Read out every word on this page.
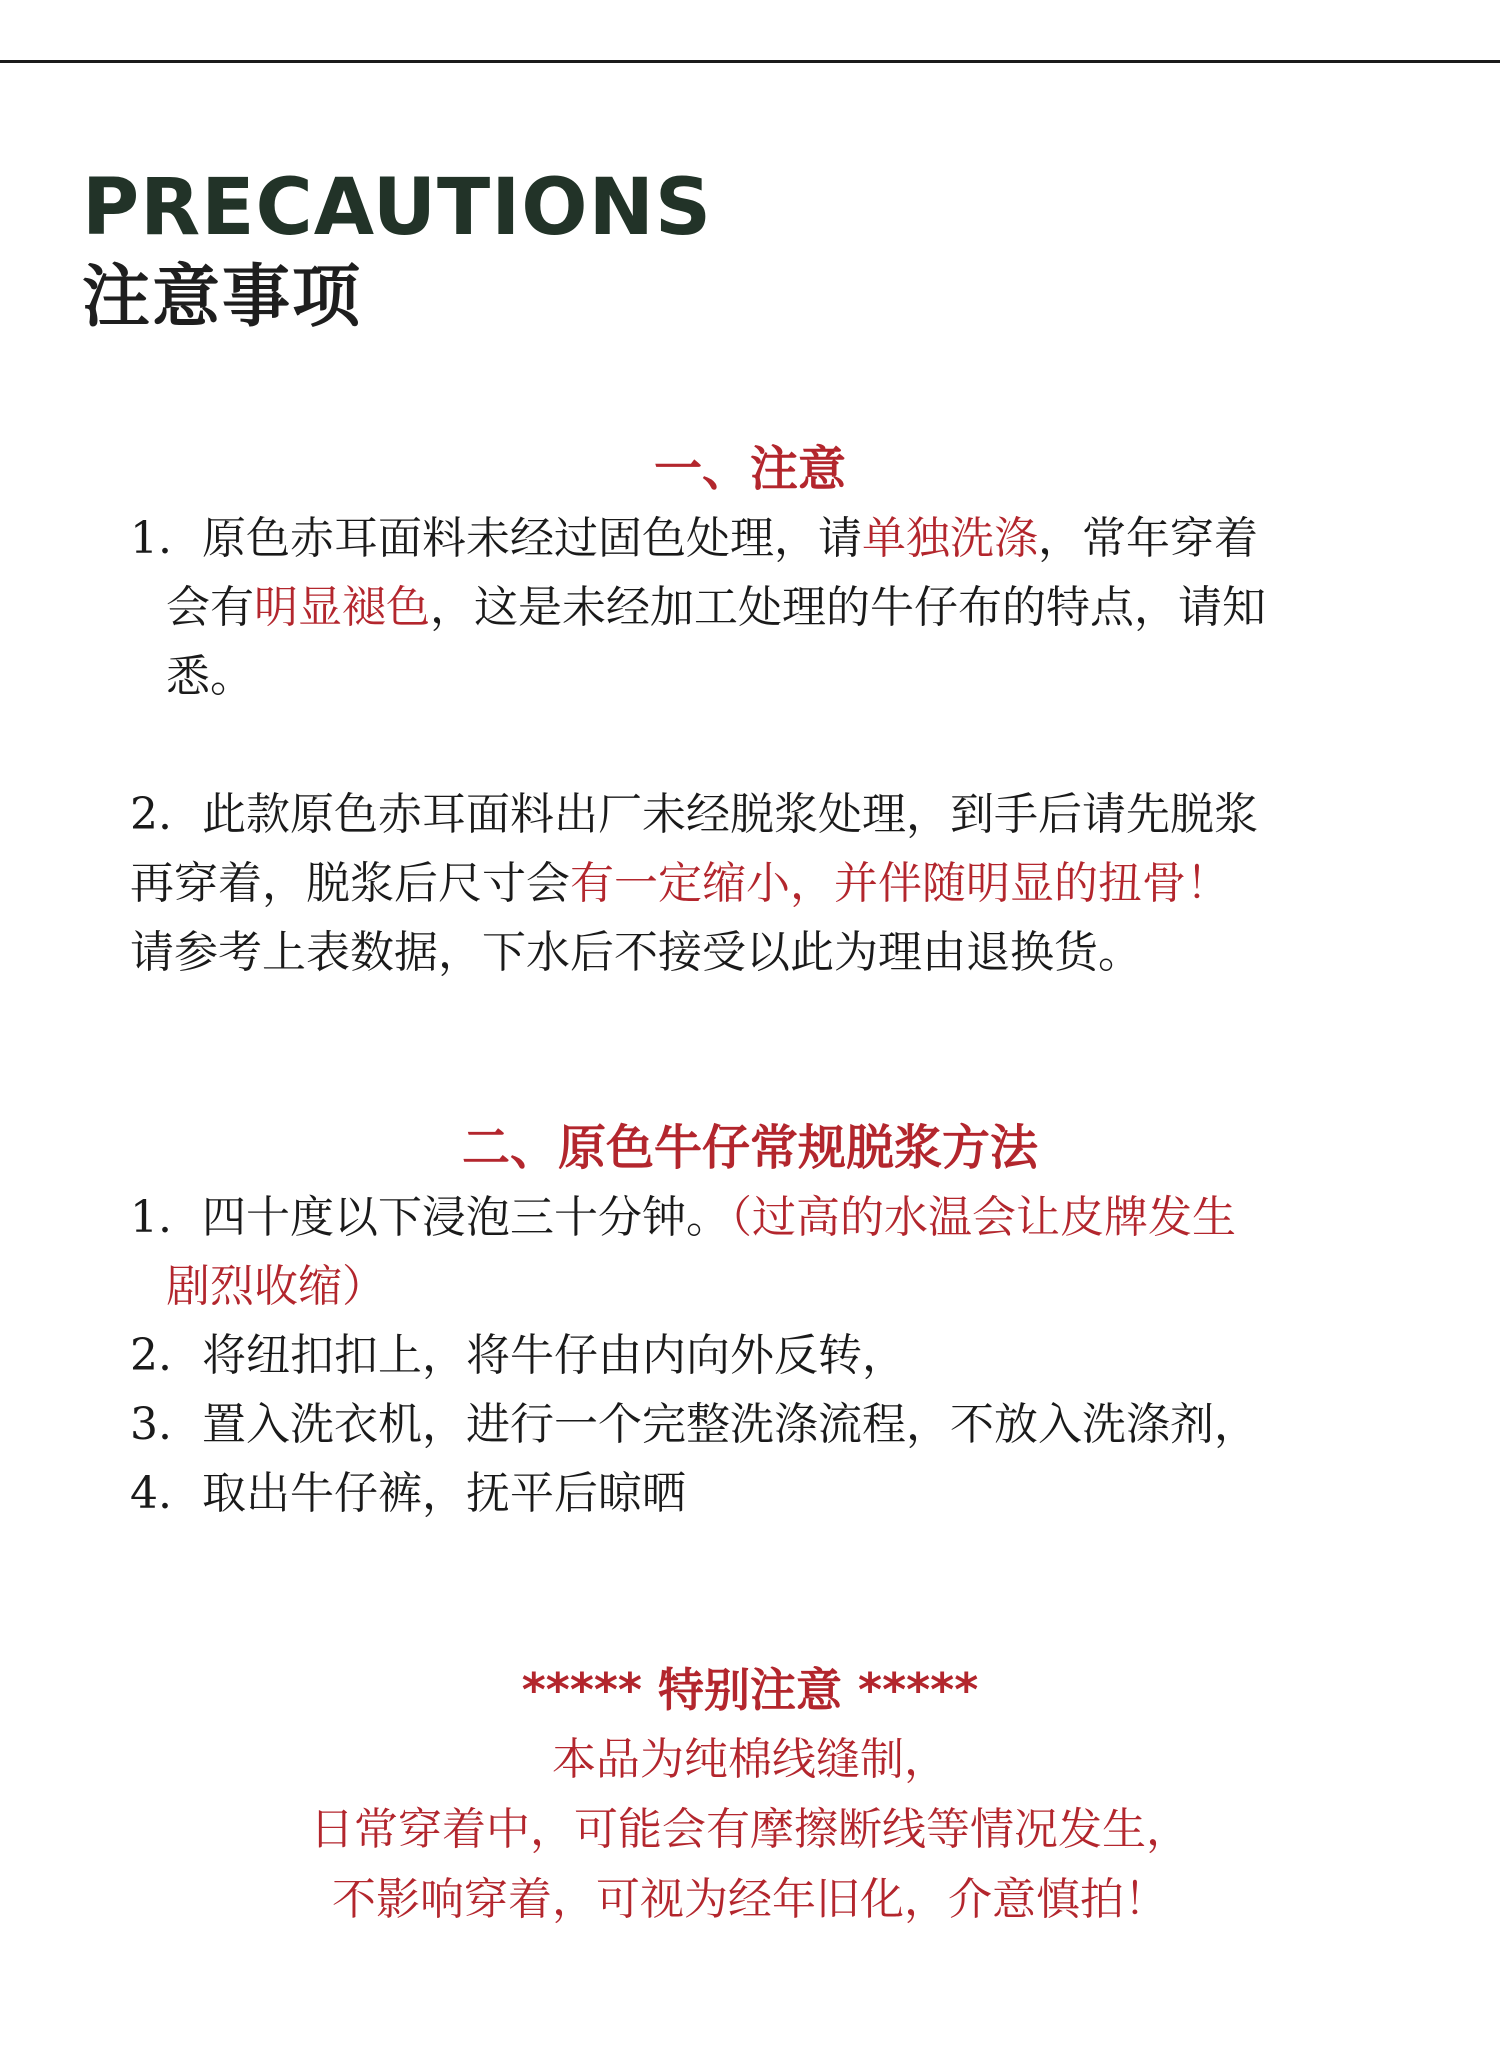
PRECAUTIONS
注意事项
一、注意
1. 原色赤耳面料未经过固色处理，请单独洗涤，常年穿着
会有明显褪色，这是未经加工处理的牛仔布的特点，请知
悉。
2. 此款原色赤耳面料出厂未经脱浆处理，到手后请先脱浆
再穿着，脱浆后尺寸会有一定缩小，并伴随明显的扭骨！
请参考上表数据，下水后不接受以此为理由退换货。
二、原色牛仔常规脱浆方法
1. 四十度以下浸泡三十分钟。（过高的水温会让皮牌发生
剧烈收缩）
2. 将纽扣扣上，将牛仔由内向外反转，
3. 置入洗衣机，进行一个完整洗涤流程，不放入洗涤剂，
4. 取出牛仔裤，抚平后晾晒
***** 特别注意 *****
本品为纯棉线缝制，
日常穿着中，可能会有摩擦断线等情况发生，
不影响穿着，可视为经年旧化，介意慎拍！
